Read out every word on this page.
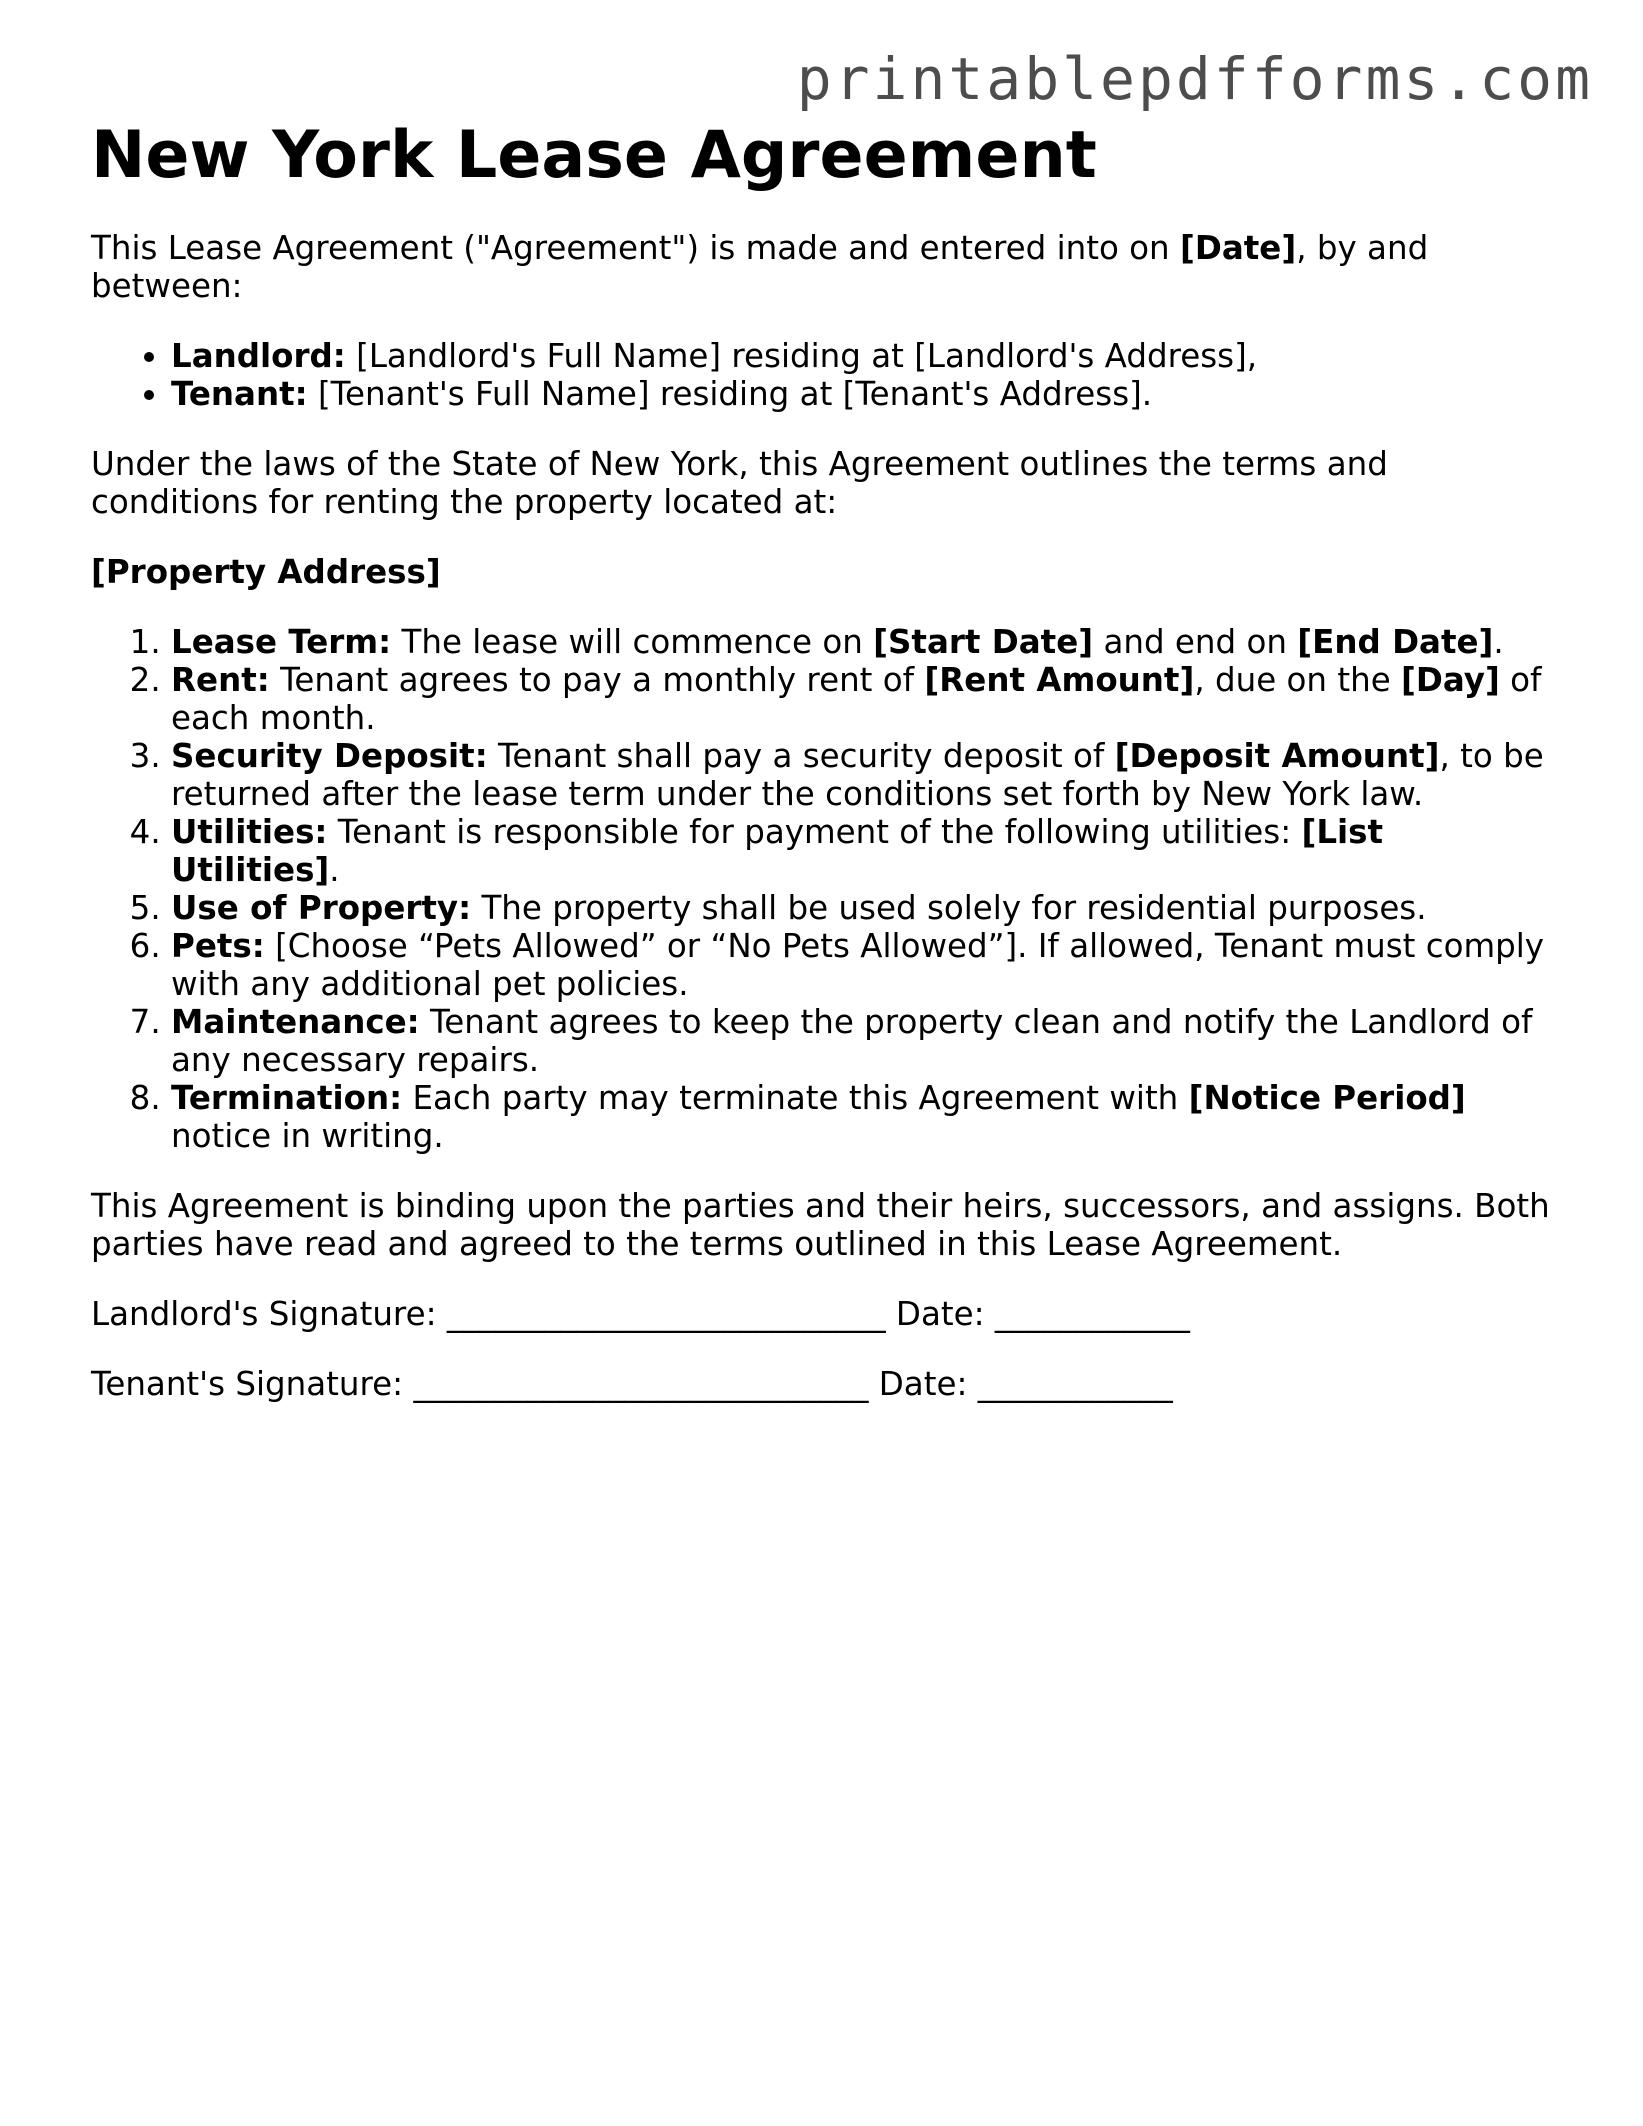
printablepdfforms.com
New York Lease Agreement

This Lease Agreement ("Agreement") is made and entered into on [Date], by and between:

• Landlord: [Landlord's Full Name] residing at [Landlord's Address],
• Tenant: [Tenant's Full Name] residing at [Tenant's Address].

Under the laws of the State of New York, this Agreement outlines the terms and conditions for renting the property located at:

[Property Address]

1. Lease Term: The lease will commence on [Start Date] and end on [End Date].
2. Rent: Tenant agrees to pay a monthly rent of [Rent Amount], due on the [Day] of each month.
3. Security Deposit: Tenant shall pay a security deposit of [Deposit Amount], to be returned after the lease term under the conditions set forth by New York law.
4. Utilities: Tenant is responsible for payment of the following utilities: [List Utilities].
5. Use of Property: The property shall be used solely for residential purposes.
6. Pets: [Choose “Pets Allowed” or “No Pets Allowed”]. If allowed, Tenant must comply with any additional pet policies.
7. Maintenance: Tenant agrees to keep the property clean and notify the Landlord of any necessary repairs.
8. Termination: Each party may terminate this Agreement with [Notice Period] notice in writing.

This Agreement is binding upon the parties and their heirs, successors, and assigns. Both parties have read and agreed to the terms outlined in this Lease Agreement.

Landlord's Signature: ___________________________ Date: ____________
Tenant's Signature: ____________________________ Date: ____________
